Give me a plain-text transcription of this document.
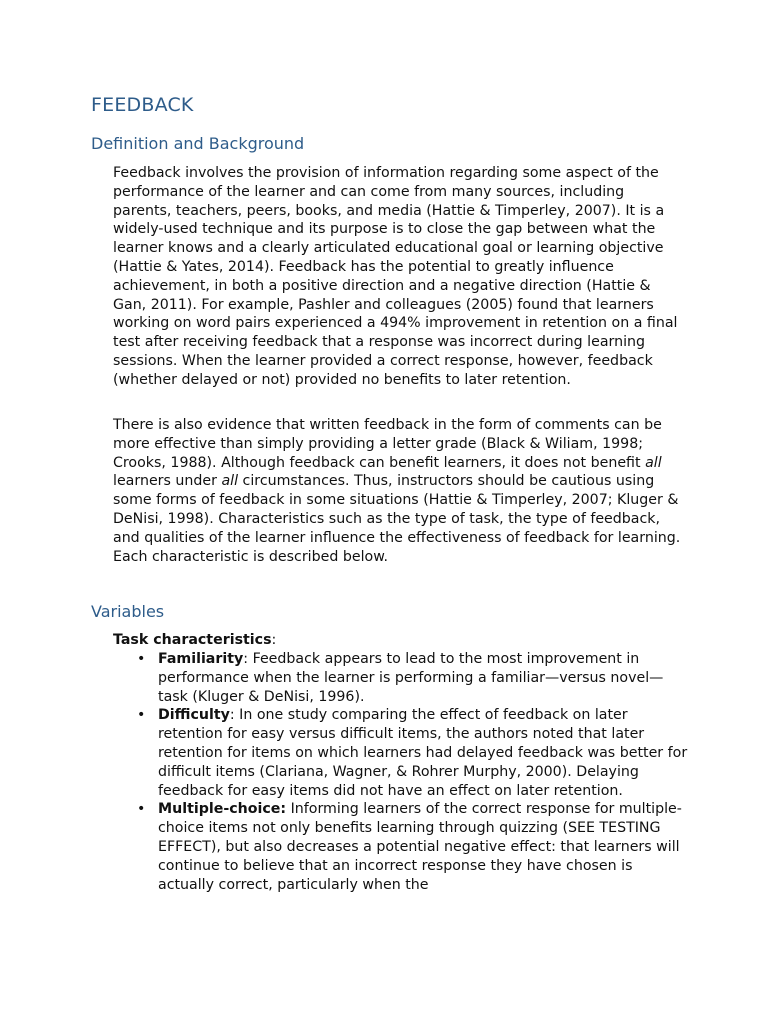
FEEDBACK
Definition and Background

Feedback involves the provision of information regarding some aspect of the performance of the learner and can come from many sources, including parents, teachers, peers, books, and media (Hattie & Timperley, 2007). It is a widely-used technique and its purpose is to close the gap between what the learner knows and a clearly articulated educational goal or learning objective (Hattie & Yates, 2014). Feedback has the potential to greatly influence achievement, in both a positive direction and a negative direction (Hattie & Gan, 2011). For example, Pashler and colleagues (2005) found that learners working on word pairs experienced a 494% improvement in retention on a final test after receiving feedback that a response was incorrect during learning sessions. When the learner provided a correct response, however, feedback (whether delayed or not) provided no benefits to later retention.

There is also evidence that written feedback in the form of comments can be more effective than simply providing a letter grade (Black & Wiliam, 1998; Crooks, 1988). Although feedback can benefit learners, it does not benefit all learners under all circumstances. Thus, instructors should be cautious using some forms of feedback in some situations (Hattie & Timperley, 2007; Kluger & DeNisi, 1998). Characteristics such as the type of task, the type of feedback, and qualities of the learner influence the effectiveness of feedback for learning. Each characteristic is described below.

Variables

Task characteristics:

• Familiarity: Feedback appears to lead to the most improvement in performance when the learner is performing a familiar—versus novel—task (Kluger & DeNisi, 1996).
• Difficulty: In one study comparing the effect of feedback on later retention for easy versus difficult items, the authors noted that later retention for items on which learners had delayed feedback was better for difficult items (Clariana, Wagner, & Rohrer Murphy, 2000). Delaying feedback for easy items did not have an effect on later retention.
• Multiple-choice: Informing learners of the correct response for multiple-choice items not only benefits learning through quizzing (SEE TESTING EFFECT), but also decreases a potential negative effect: that learners will continue to believe that an incorrect response they have chosen is actually correct, particularly when the
